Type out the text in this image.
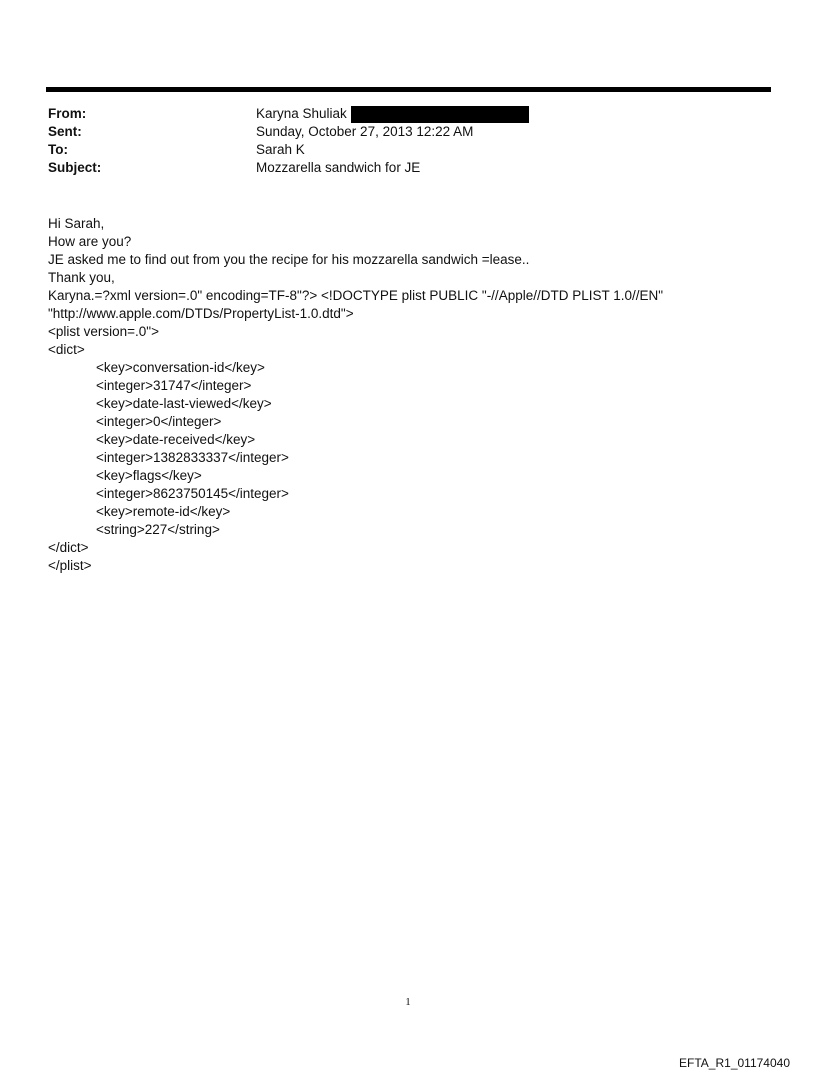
From:	Karyna Shuliak
Sent:	Sunday, October 27, 2013 12:22 AM
To:	Sarah K
Subject:	Mozzarella sandwich for JE
Hi Sarah,
How are you?
JE asked me to find out from you the recipe for his mozzarella sandwich =lease..
Thank you,
Karyna.=?xml version=.0" encoding=TF-8"?> <!DOCTYPE plist PUBLIC "-//Apple//DTD PLIST 1.0//EN"
"http://www.apple.com/DTDs/PropertyList-1.0.dtd">
<plist version=.0">
<dict>
<key>conversation-id</key>
<integer>31747</integer>
<key>date-last-viewed</key>
<integer>0</integer>
<key>date-received</key>
<integer>1382833337</integer>
<key>flags</key>
<integer>8623750145</integer>
<key>remote-id</key>
<string>227</string>
</dict>
</plist>
1
EFTA_R1_01174040
